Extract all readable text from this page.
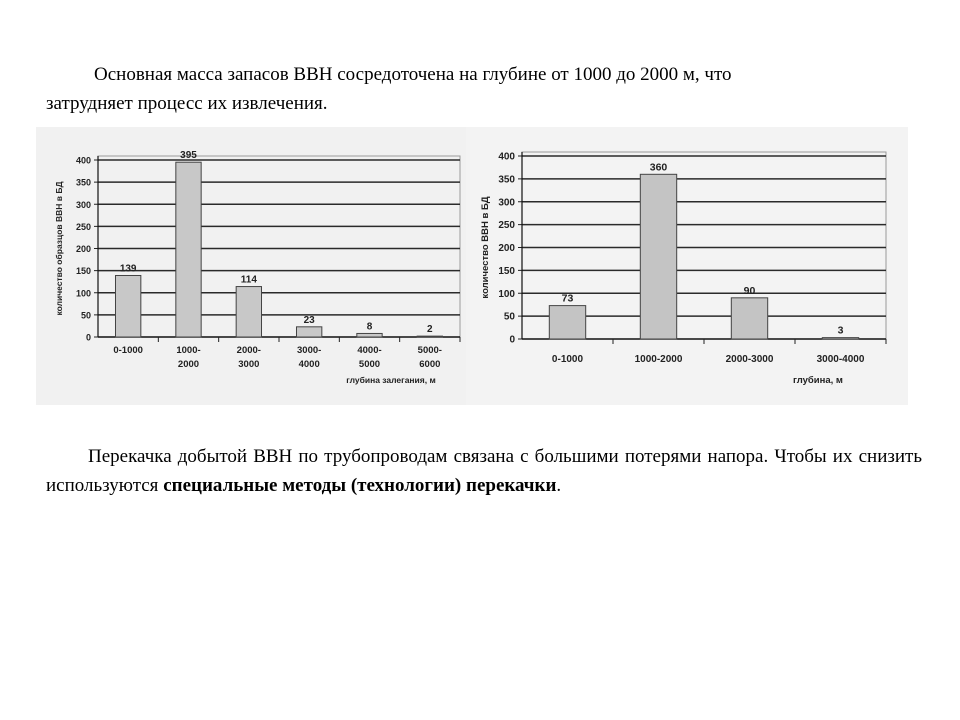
Основная масса запасов ВВН сосредоточена на глубине от 1000 до 2000 м, что
затрудняет процесс их извлечения.

0
50
100
150
200
250
300
350
400
139
0-1000
395
1000-
2000
114
2000-
3000
23
3000-
4000
8
4000-
5000
2
5000-
6000
глубина залегания, м
количество образцов ВВН в БД
0
50
100
150
200
250
300
350
400
73
0-1000
360
1000-2000
90
2000-3000
3
3000-4000
глубина, м
количество ВВН в БД

Перекачка добытой ВВН по трубопроводам связана с большими потерями напора. Чтобы их снизить используются специальные методы (технологии) перекачки.
